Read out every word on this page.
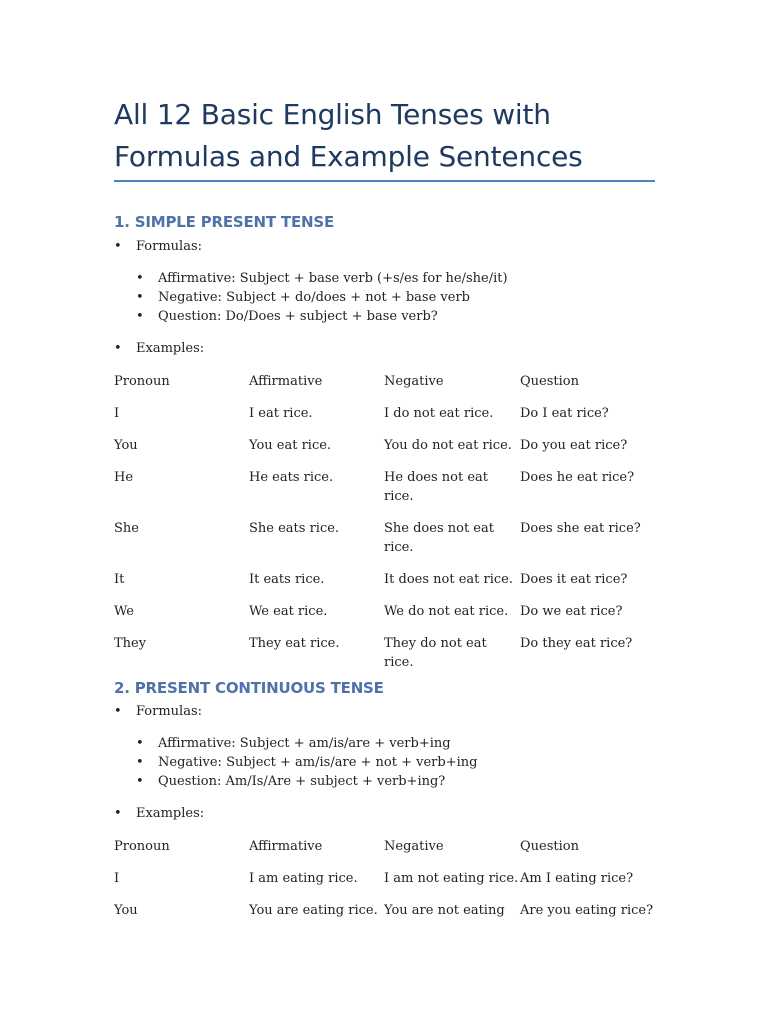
All 12 Basic English Tenses with Formulas and Example Sentences
1. SIMPLE PRESENT TENSE
• Formulas:
• Affirmative: Subject + base verb (+s/es for he/she/it)
• Negative: Subject + do/does + not + base verb
• Question: Do/Does + subject + base verb?
• Examples:
Pronoun	Affirmative	Negative	Question
I	I eat rice.	I do not eat rice.	Do I eat rice?
You	You eat rice.	You do not eat rice.	Do you eat rice?
He	He eats rice.	He does not eat rice.	Does he eat rice?
She	She eats rice.	She does not eat rice.	Does she eat rice?
It	It eats rice.	It does not eat rice.	Does it eat rice?
We	We eat rice.	We do not eat rice.	Do we eat rice?
They	They eat rice.	They do not eat rice.	Do they eat rice?
2. PRESENT CONTINUOUS TENSE
• Formulas:
• Affirmative: Subject + am/is/are + verb+ing
• Negative: Subject + am/is/are + not + verb+ing
• Question: Am/Is/Are + subject + verb+ing?
• Examples:
Pronoun	Affirmative	Negative	Question
I	I am eating rice.	I am not eating rice.	Am I eating rice?
You	You are eating rice.	You are not eating	Are you eating rice?
